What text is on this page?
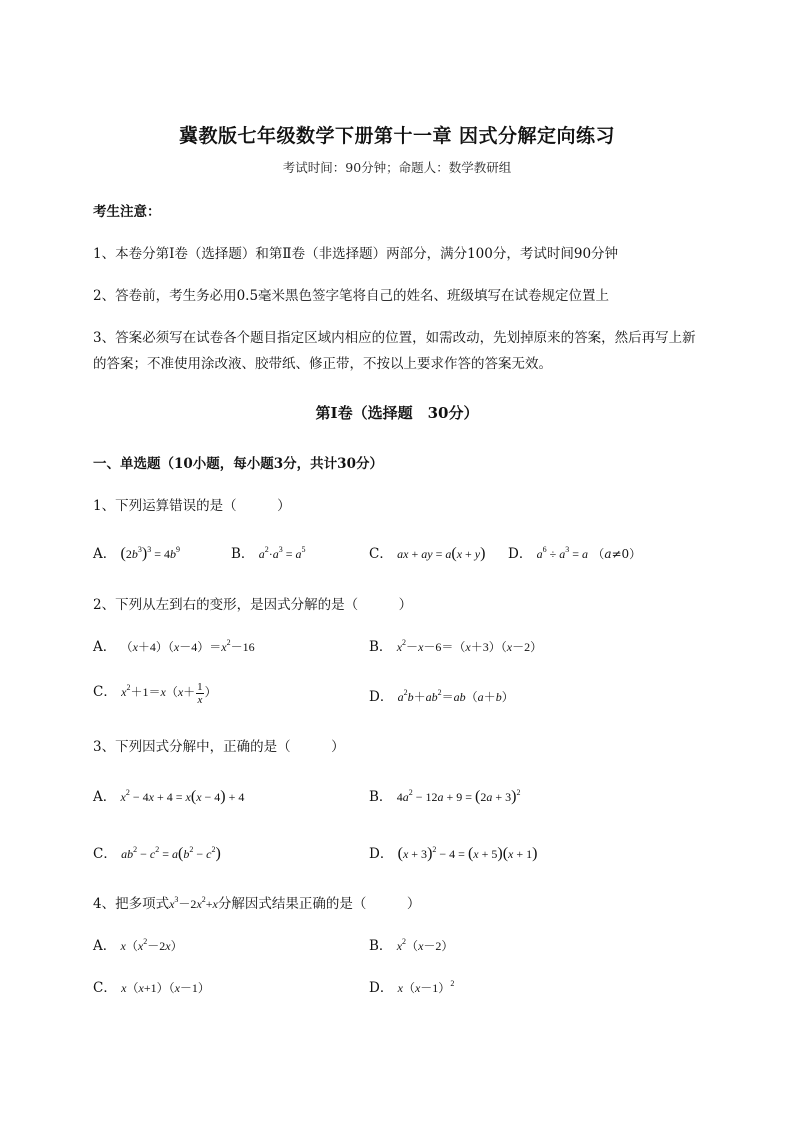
冀教版七年级数学下册第十一章 因式分解定向练习
考试时间：90分钟；命题人：数学教研组
考生注意：
1、本卷分第I卷（选择题）和第Ⅱ卷（非选择题）两部分，满分100分，考试时间90分钟
2、答卷前，考生务必用0.5毫米黑色签字笔将自己的姓名、班级填写在试卷规定位置上
3、答案必须写在试卷各个题目指定区域内相应的位置，如需改动，先划掉原来的答案，然后再写上新
的答案；不准使用涂改液、胶带纸、修正带，不按以上要求作答的答案无效。
第I卷（选择题　30分）
一、单选题（10小题，每小题3分，共计30分）
1、下列运算错误的是（　　　）
A． $(2b^3)^3 = 4b^9$	B． $a^2\cdot a^3 = a^5$	C． ax + ay = a(x + y) D． $a^6 \div a^3 = a$ （a≠0）
2、下列从左到右的变形，是因式分解的是（　　　）
A． $(x+4)(x-4)=x^2-16$	B． $x^2-x-6=(x+3)(x-2)$
C． $x^2+1=x(x+ \frac{1}{x}$ ）	D． $a^2b+ab^2=ab(a+b)$
3、下列因式分解中，正确的是（　　　）
A． $x^2 - 4x + 4 = x(x - 4) + 4$	B． $4a^2 - 12a + 9 = (2a + 3)^2$
C． $ab^2 - c^2 = a(b^2 - c^2)$	D． $(x + 3)^2 - 4 = (x + 5)(x + 1)$
4、把多项式$x^3-2x^2+x$分解因式结果正确的是（　　　）
A． $x(x^2-2x)$	B． $x^2(x-2)$
C． x（x+1）（x－1）	D． $x(x-1)^2$
